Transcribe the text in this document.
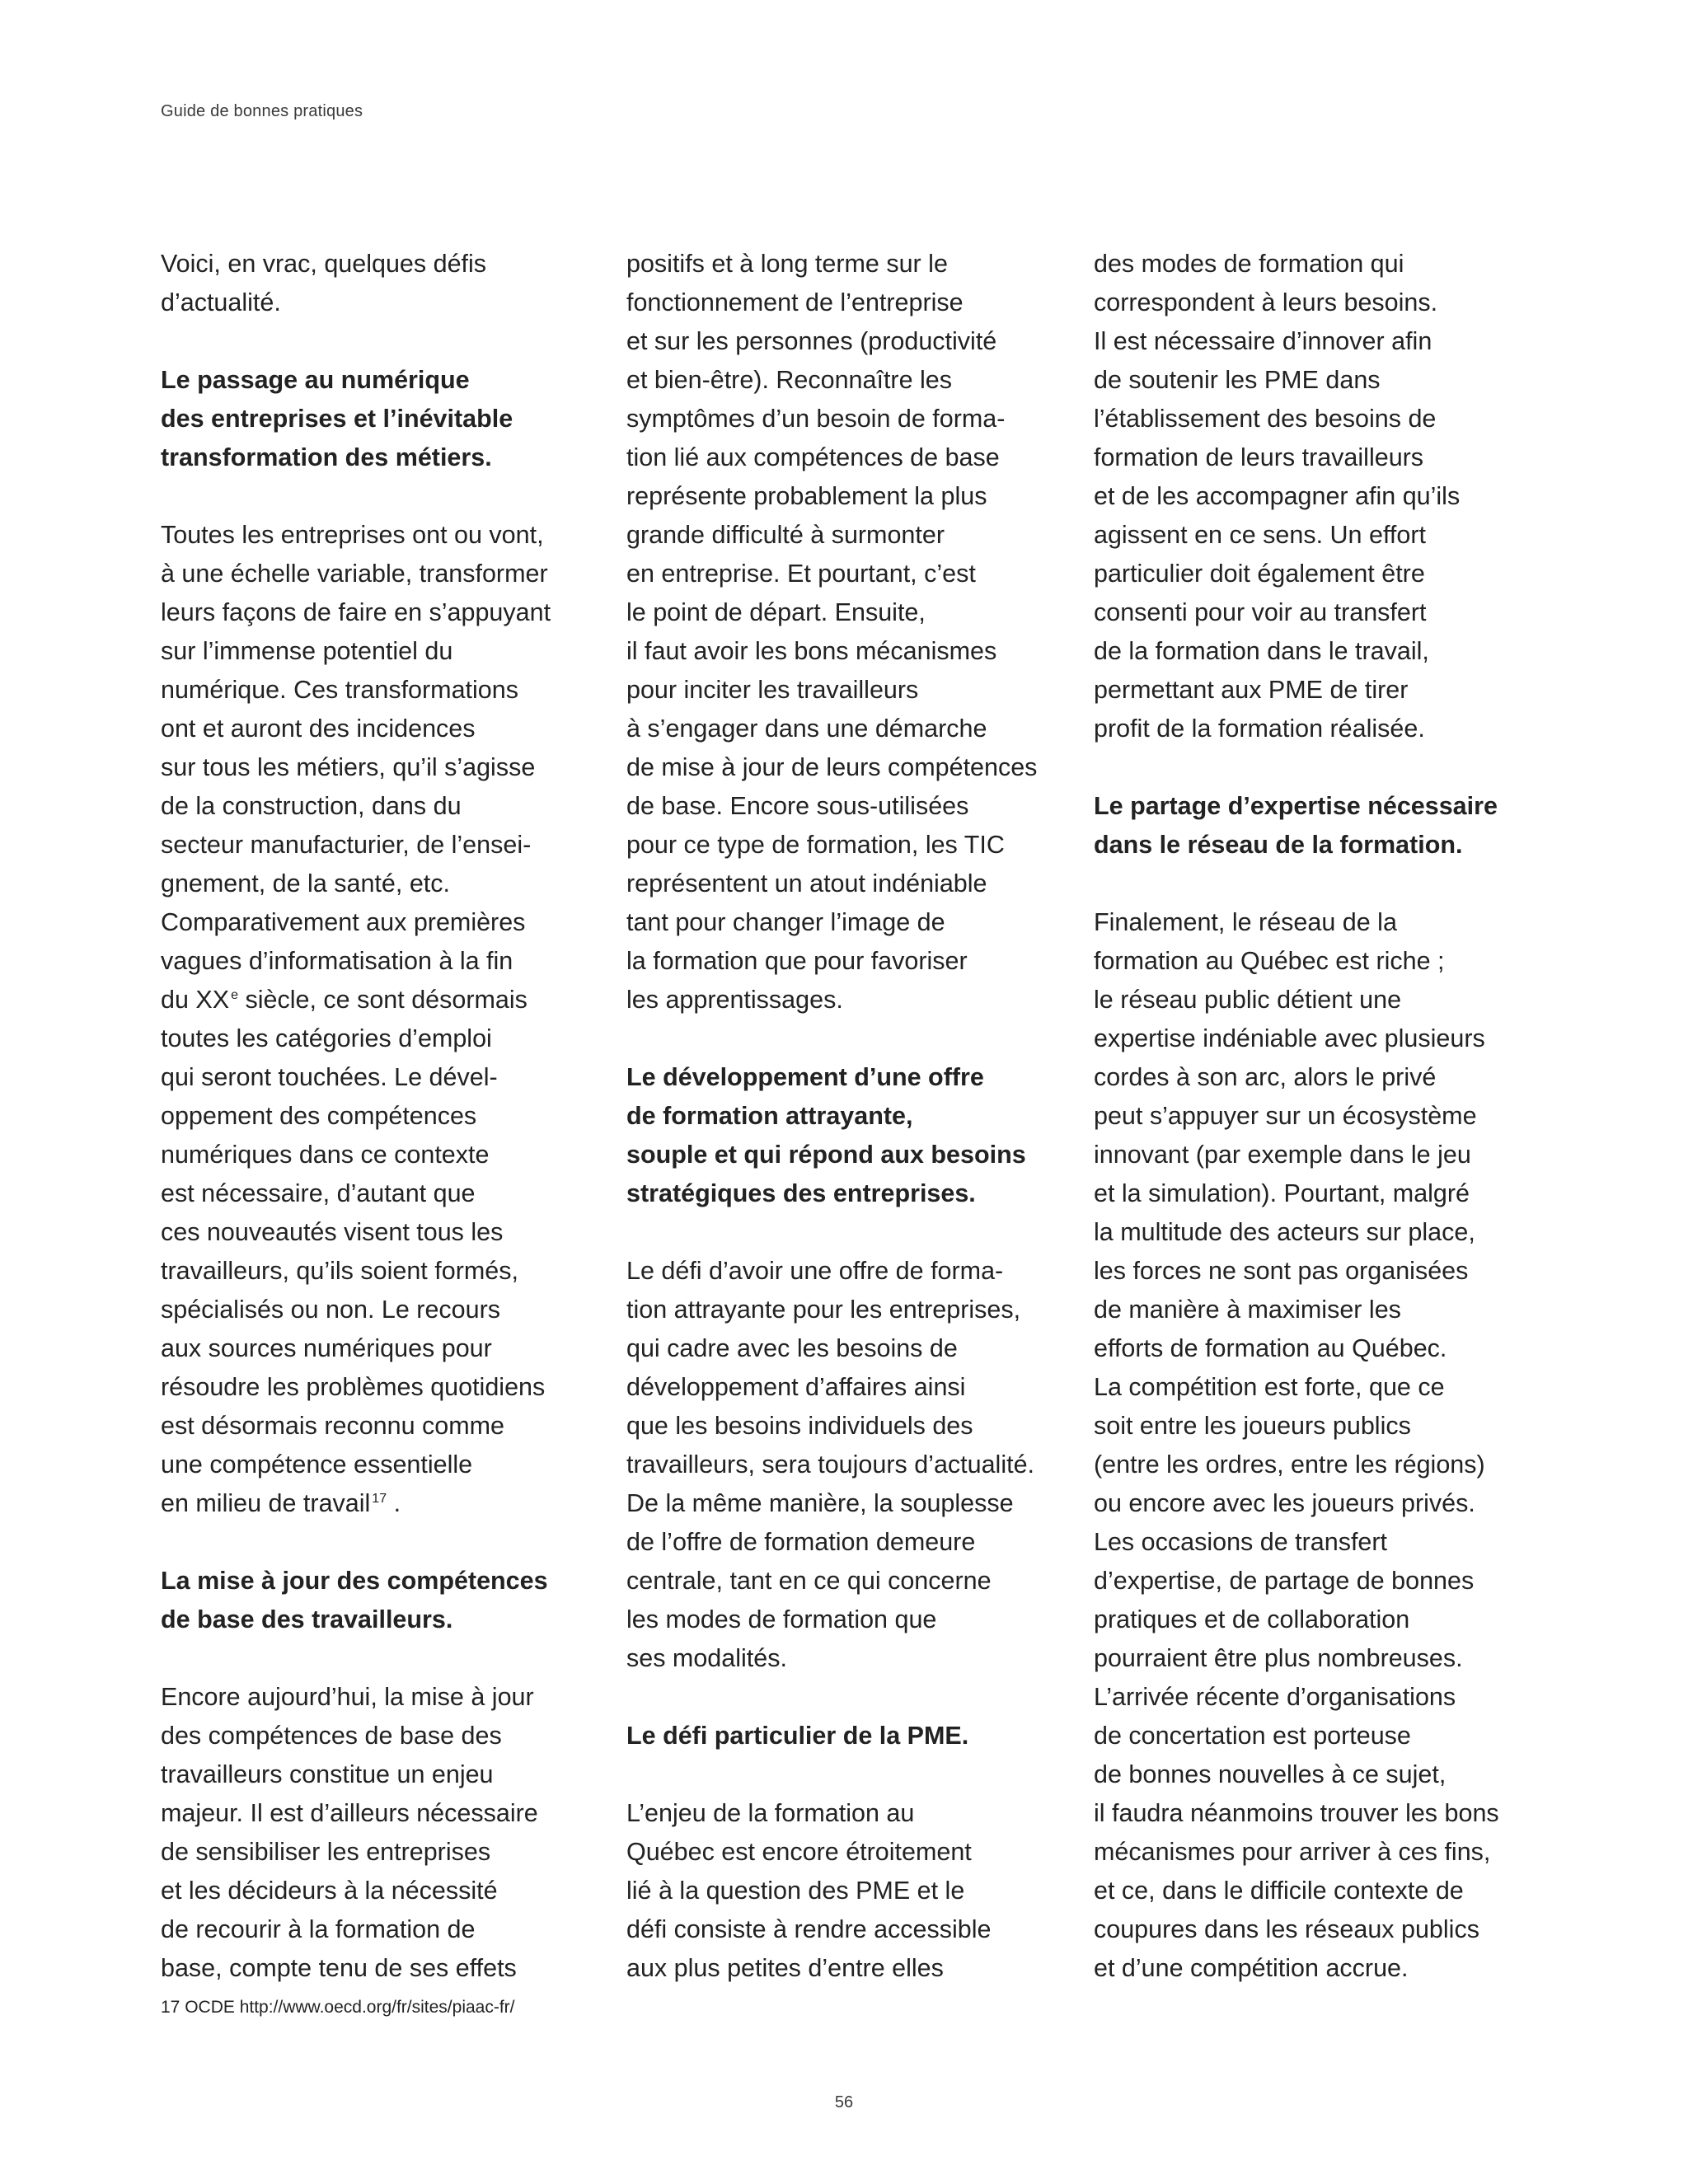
Guide de bonnes pratiques
Voici, en vrac, quelques défis
d’actualité.
Le passage au numérique
des entreprises et l’inévitable
transformation des métiers.
Toutes les entreprises ont ou vont,
à une échelle variable, transformer
leurs façons de faire en s’appuyant
sur l’immense potentiel du
numérique. Ces transformations
ont et auront des incidences
sur tous les métiers, qu’il s’agisse
de la construction, dans du
secteur manufacturier, de l’ensei-
gnement, de la santé, etc.
Comparativement aux premières
vagues d’informatisation à la fin
du XX $^e$ siècle, ce sont désormais
toutes les catégories d’emploi
qui seront touchées. Le dével-
oppement des compétences
numériques dans ce contexte
est nécessaire, d’autant que
ces nouveautés visent tous les
travailleurs, qu’ils soient formés,
spécialisés ou non. Le recours
aux sources numériques pour
résoudre les problèmes quotidiens
est désormais reconnu comme
une compétence essentielle
en milieu de travail $^{17}$ .
La mise à jour des compétences
de base des travailleurs.
Encore aujourd’hui, la mise à jour
des compétences de base des
travailleurs constitue un enjeu
majeur. Il est d’ailleurs nécessaire
de sensibiliser les entreprises
et les décideurs à la nécessité
de recourir à la formation de
base, compte tenu de ses effets
positifs et à long terme sur le
fonctionnement de l’entreprise
et sur les personnes (productivité
et bien-être). Reconnaître les
symptômes d’un besoin de forma-
tion lié aux compétences de base
représente probablement la plus
grande difficulté à surmonter
en entreprise. Et pourtant, c’est
le point de départ. Ensuite,
il faut avoir les bons mécanismes
pour inciter les travailleurs
à s’engager dans une démarche
de mise à jour de leurs compétences
de base. Encore sous-utilisées
pour ce type de formation, les TIC
représentent un atout indéniable
tant pour changer l’image de
la formation que pour favoriser
les apprentissages.
Le développement d’une offre
de formation attrayante,
souple et qui répond aux besoins
stratégiques des entreprises.
Le défi d’avoir une offre de forma-
tion attrayante pour les entreprises,
qui cadre avec les besoins de
développement d’affaires ainsi
que les besoins individuels des
travailleurs, sera toujours d’actualité.
De la même manière, la souplesse
de l’offre de formation demeure
centrale, tant en ce qui concerne
les modes de formation que
ses modalités.
Le défi particulier de la PME.
L’enjeu de la formation au
Québec est encore étroitement
lié à la question des PME et le
défi consiste à rendre accessible
aux plus petites d’entre elles
des modes de formation qui
correspondent à leurs besoins.
Il est nécessaire d’innover afin
de soutenir les PME dans
l’établissement des besoins de
formation de leurs travailleurs
et de les accompagner afin qu’ils
agissent en ce sens. Un effort
particulier doit également être
consenti pour voir au transfert
de la formation dans le travail,
permettant aux PME de tirer
profit de la formation réalisée.
Le partage d’expertise nécessaire
dans le réseau de la formation.
Finalement, le réseau de la
formation au Québec est riche ;
le réseau public détient une
expertise indéniable avec plusieurs
cordes à son arc, alors le privé
peut s’appuyer sur un écosystème
innovant (par exemple dans le jeu
et la simulation). Pourtant, malgré
la multitude des acteurs sur place,
les forces ne sont pas organisées
de manière à maximiser les
efforts de formation au Québec.
La compétition est forte, que ce
soit entre les joueurs publics
(entre les ordres, entre les régions)
ou encore avec les joueurs privés.
Les occasions de transfert
d’expertise, de partage de bonnes
pratiques et de collaboration
pourraient être plus nombreuses.
L’arrivée récente d’organisations
de concertation est porteuse
de bonnes nouvelles à ce sujet,
il faudra néanmoins trouver les bons
mécanismes pour arriver à ces fins,
et ce, dans le difficile contexte de
coupures dans les réseaux publics
et d’une compétition accrue.
17 OCDE http://www.oecd.org/fr/sites/piaac-fr/
56
